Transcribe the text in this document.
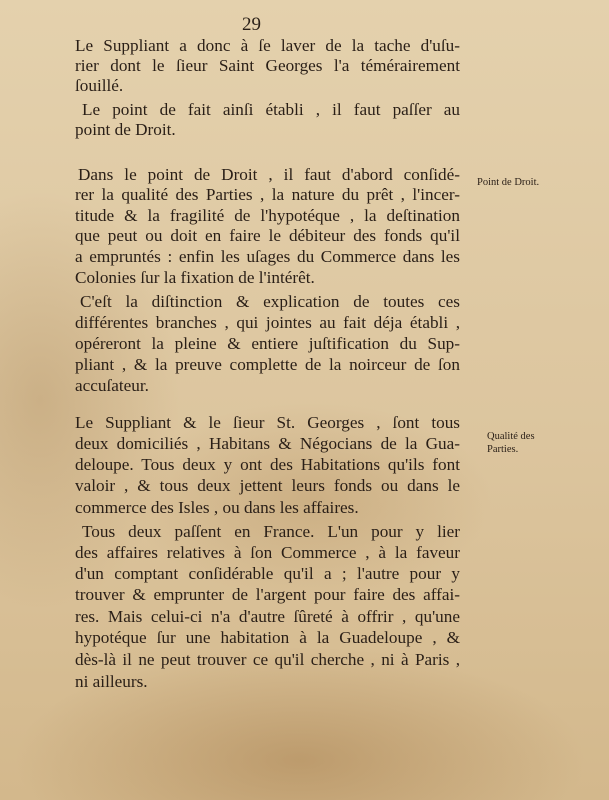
29
Le Suppliant a donc à ſe laver de la tache d'uſu-
rier dont le ſieur Saint Georges l'a témérairement
ſouillé.
Le point de fait ainſi établi , il faut paſſer au
point de Droit.
Dans le point de Droit , il faut d'abord conſidé-
rer la qualité des Parties , la nature du prêt , l'incer-
titude & la fragilité de l'hypotéque , la deſtination
que peut ou doit en faire le débiteur des fonds qu'il
a empruntés : enfin les uſages du Commerce dans les
Colonies ſur la fixation de l'intérêt.
C'eſt la diſtinction & explication de toutes ces
différentes branches , qui jointes au fait déja établi ,
opéreront la pleine & entiere juſtification du Sup-
pliant , & la preuve complette de la noirceur de ſon
accuſateur.
Le Suppliant & le ſieur St. Georges , ſont tous
deux domiciliés , Habitans & Négocians de la Gua-
deloupe. Tous deux y ont des Habitations qu'ils font
valoir , & tous deux jettent leurs fonds ou dans le
commerce des Isles , ou dans les affaires.
Tous deux paſſent en France. L'un pour y lier
des affaires relatives à ſon Commerce , à la faveur
d'un comptant conſidérable qu'il a ; l'autre pour y
trouver & emprunter de l'argent pour faire des affai-
res. Mais celui-ci n'a d'autre ſûreté à offrir , qu'une
hypotéque ſur une habitation à la Guadeloupe , &
dès-là il ne peut trouver ce qu'il cherche , ni à Paris ,
ni ailleurs.
Point de Droit.
Qualité des
Parties.
